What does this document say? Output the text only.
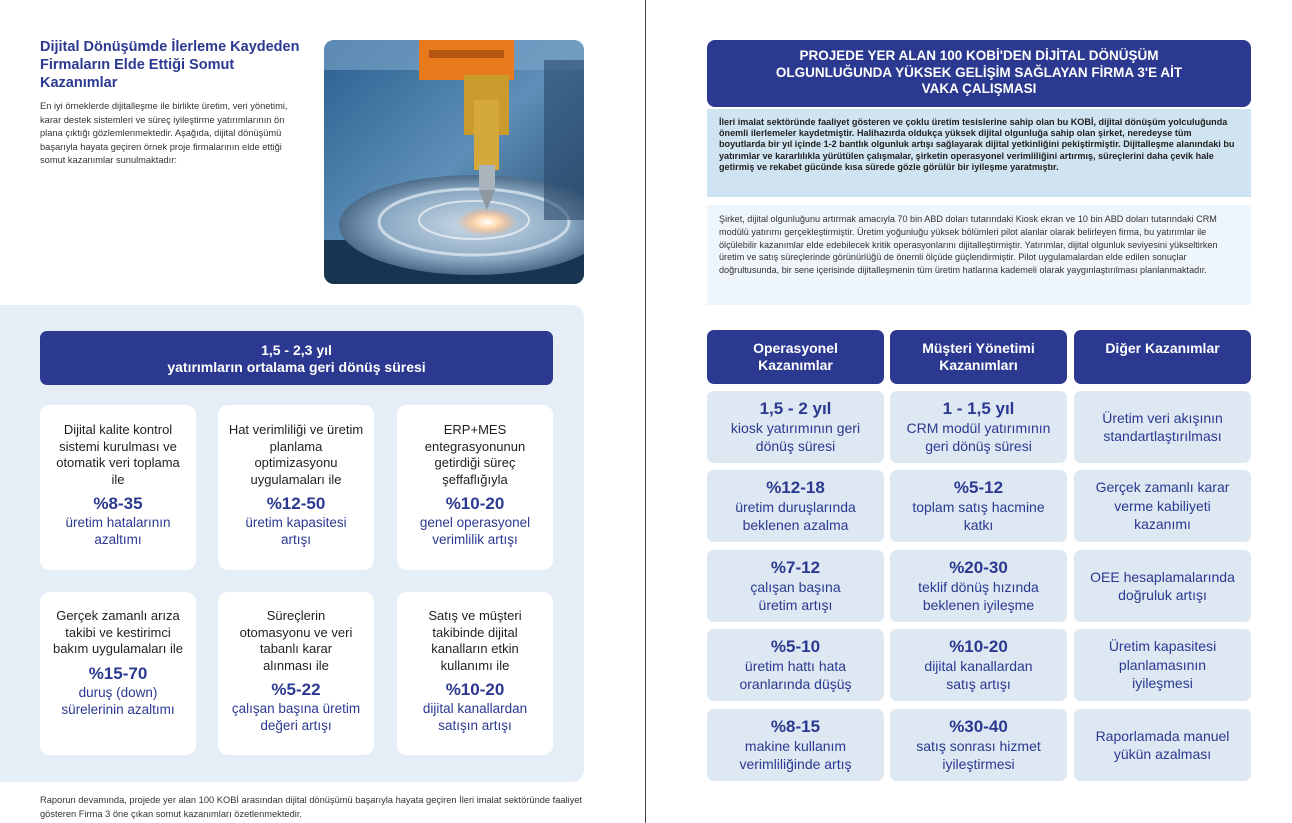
Dijital Dönüşümde İlerleme Kaydeden Firmaların Elde Ettiği Somut Kazanımlar
En iyi örneklerde dijitalleşme ile birlikte üretim, veri yönetimi, karar destek sistemleri ve süreç iyileştirme yatırımlarının ön plana çıktığı gözlemlenmektedir. Aşağıda, dijital dönüşümü başarıyla hayata geçiren örnek proje firmalarının elde ettiği somut kazanımlar sunulmaktadır:
1,5 - 2,3 yıl
yatırımların ortalama geri dönüş süresi
Dijital kalite kontrol sistemi kurulması ve otomatik veri toplama ile
%8-35
üretim hatalarının azaltımı
Hat verimliliği ve üretim planlama optimizasyonu uygulamaları ile
%12-50
üretim kapasitesi artışı
ERP+MES entegrasyonunun getirdiği süreç şeffaflığıyla
%10-20
genel operasyonel verimlilik artışı
Gerçek zamanlı arıza takibi ve kestirimci bakım uygulamaları ile
%15-70
duruş (down) sürelerinin azaltımı
Süreçlerin otomasyonu ve veri tabanlı karar alınması ile
%5-22
çalışan başına üretim değeri artışı
Satış ve müşteri takibinde dijital kanalların etkin kullanımı ile
%10-20
dijital kanallardan satışın artışı
Raporun devamında, projede yer alan 100 KOBİ arasından dijital dönüşümü başarıyla hayata geçiren İleri imalat sektöründe faaliyet gösteren Firma 3 öne çıkan somut kazanımları özetlenmektedir.
PROJEDE YER ALAN 100 KOBİ'DEN DİJİTAL DÖNÜŞÜM OLGUNLUĞUNDA YÜKSEK GELİŞİM SAĞLAYAN FİRMA 3'E AİT VAKA ÇALIŞMASI
İleri imalat sektöründe faaliyet gösteren ve çoklu üretim tesislerine sahip olan bu KOBİ, dijital dönüşüm yolculuğunda önemli ilerlemeler kaydetmiştir. Halihazırda oldukça yüksek dijital olgunluğa sahip olan şirket, neredeyse tüm boyutlarda bir yıl içinde 1-2 bantlık olgunluk artışı sağlayarak dijital yetkinliğini pekiştirmiştir. Dijitalleşme alanındaki bu yatırımlar ve kararlılıkla yürütülen çalışmalar, şirketin operasyonel verimliliğini artırmış, süreçlerini daha çevik hale getirmiş ve rekabet gücünde kısa sürede gözle görülür bir iyileşme yaratmıştır.
Şirket, dijital olgunluğunu artırmak amacıyla 70 bin ABD doları tutarındaki Kiosk ekran ve 10 bin ABD doları tutarındaki CRM modülü yatırımı gerçekleştirmiştir. Üretim yoğunluğu yüksek bölümleri pilot alanlar olarak belirleyen firma, bu yatırımlar ile ölçülebilir kazanımlar elde edebilecek kritik operasyonlarını dijitalleştirmiştir. Yatırımlar, dijital olgunluk seviyesini yükseltirken üretim ve satış süreçlerinde görünürlüğü de önemli ölçüde güçlendirmiştir. Pilot uygulamalardan elde edilen sonuçlar doğrultusunda, bir sene içerisinde dijitalleşmenin tüm üretim hatlarına kademeli olarak yaygınlaştırılması planlanmaktadır.
Operasyonel Kazanımlar
Müşteri Yönetimi Kazanımları
Diğer Kazanımlar
1,5 - 2 yıl
kiosk yatırımının geri dönüş süresi
%12-18
üretim duruşlarında beklenen azalma
%7-12
çalışan başına üretim artışı
%5-10
üretim hattı hata oranlarında düşüş
%8-15
makine kullanım verimliliğinde artış
1 - 1,5 yıl
CRM modül yatırımının geri dönüş süresi
%5-12
toplam satış hacmine katkı
%20-30
teklif dönüş hızında beklenen iyileşme
%10-20
dijital kanallardan satış artışı
%30-40
satış sonrası hizmet iyileştirmesi
Üretim veri akışının standartlaştırılması
Gerçek zamanlı karar verme kabiliyeti kazanımı
OEE hesaplamalarında doğruluk artışı
Üretim kapasitesi planlamasının iyileşmesi
Raporlamada manuel yükün azalması
